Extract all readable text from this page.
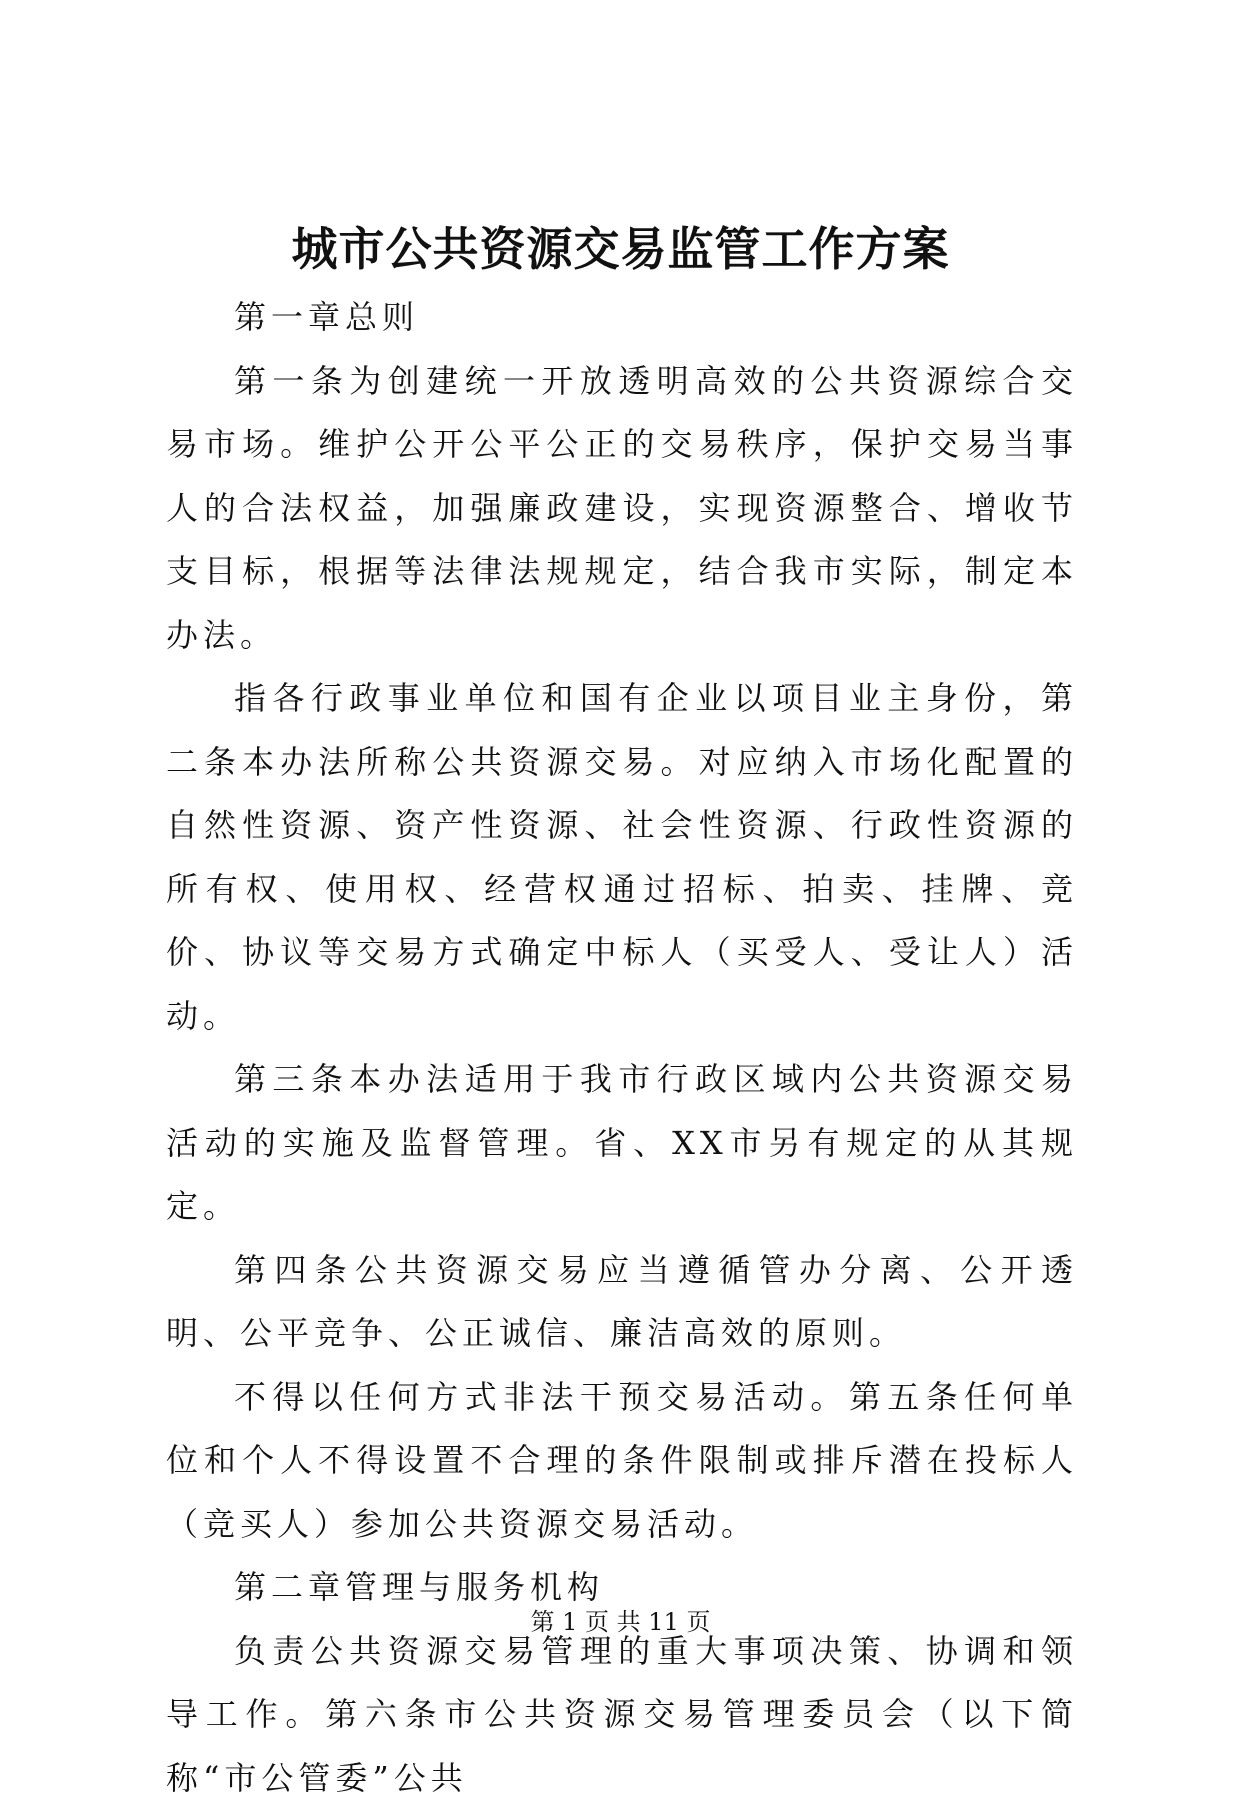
城市公共资源交易监管工作方案

第一章总则

第一条为创建统一开放透明高效的公共资源综合交易市场。维护公开公平公正的交易秩序，保护交易当事人的合法权益，加强廉政建设，实现资源整合、增收节支目标，根据等法律法规规定，结合我市实际，制定本办法。

指各行政事业单位和国有企业以项目业主身份，第二条本办法所称公共资源交易。对应纳入市场化配置的自然性资源、资产性资源、社会性资源、行政性资源的所有权、使用权、经营权通过招标、拍卖、挂牌、竞价、协议等交易方式确定中标人（买受人、受让人）活动。

第三条本办法适用于我市行政区域内公共资源交易活动的实施及监督管理。省、XX市另有规定的从其规定。

第四条公共资源交易应当遵循管办分离、公开透明、公平竞争、公正诚信、廉洁高效的原则。

不得以任何方式非法干预交易活动。第五条任何单位和个人不得设置不合理的条件限制或排斥潜在投标人（竞买人）参加公共资源交易活动。

第二章管理与服务机构

负责公共资源交易管理的重大事项决策、协调和领导工作。第六条市公共资源交易管理委员会（以下简称“市公管委”公共

第 1 页 共 11 页
